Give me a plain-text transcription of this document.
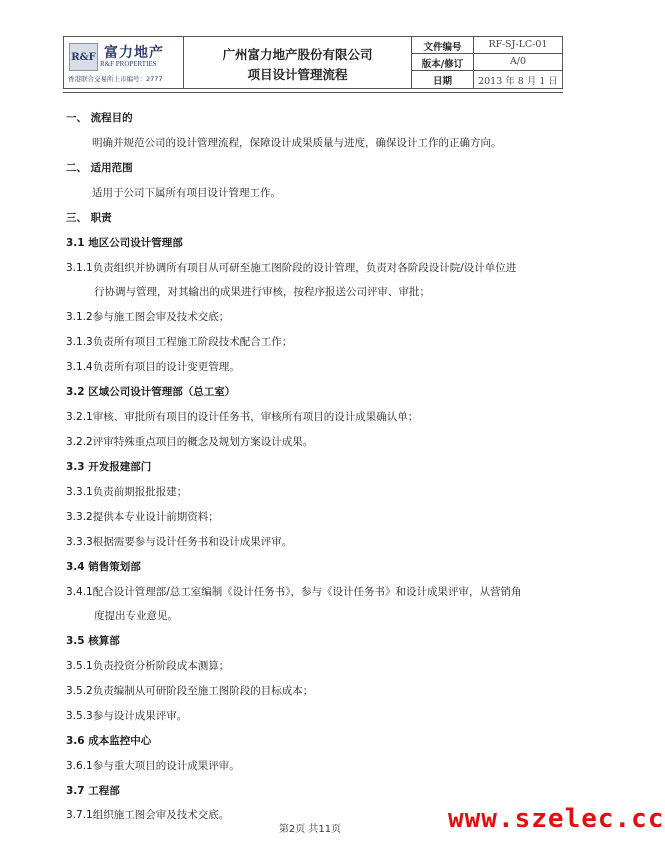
R&F 富力地产
R&F PROPERTIES
香港联合交易所上市编号：2777
广州富力地产股份有限公司
项目设计管理流程
文件编号	RF-SJ-LC-01
版本/修订	A/0
日期	2013 年 8 月 1 日
一、 流程目的
明确并规范公司的设计管理流程，保障设计成果质量与进度，确保设计工作的正确方向。
二、 适用范围
适用于公司下属所有项目设计管理工作。
三、 职责
3.1 地区公司设计管理部
3.1.1负责组织并协调所有项目从可研至施工图阶段的设计管理，负责对各阶段设计院/设计单位进
行协调与管理，对其输出的成果进行审核，按程序报送公司评审、审批；
3.1.2参与施工图会审及技术交底；
3.1.3负责所有项目工程施工阶段技术配合工作；
3.1.4负责所有项目的设计变更管理。
3.2 区域公司设计管理部（总工室）
3.2.1审核、审批所有项目的设计任务书，审核所有项目的设计成果确认单；
3.2.2评审特殊重点项目的概念及规划方案设计成果。
3.3 开发报建部门
3.3.1负责前期报批报建；
3.3.2提供本专业设计前期资料；
3.3.3根据需要参与设计任务书和设计成果评审。
3.4 销售策划部
3.4.1配合设计管理部/总工室编制《设计任务书》，参与《设计任务书》和设计成果评审，从营销角
度提出专业意见。
3.5 核算部
3.5.1负责投资分析阶段成本测算；
3.5.2负责编制从可研阶段至施工图阶段的目标成本；
3.5.3参与设计成果评审。
3.6 成本监控中心
3.6.1参与重大项目的设计成果评审。
3.7 工程部
3.7.1组织施工图会审及技术交底。
第2页 共11页	www.szelec.cc
